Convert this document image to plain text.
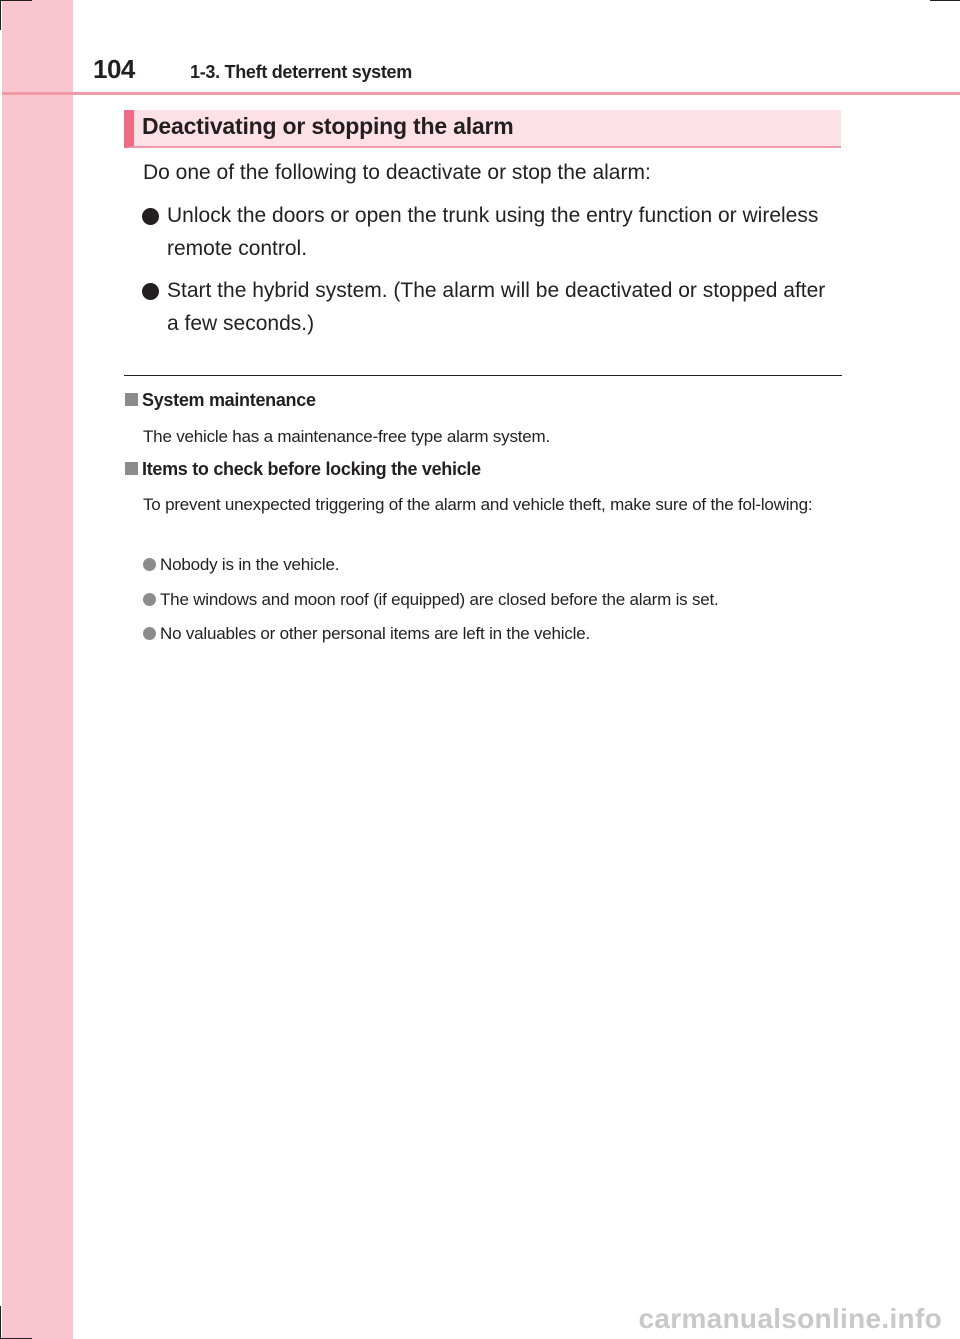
104	1-3. Theft deterrent system
Deactivating or stopping the alarm
Do one of the following to deactivate or stop the alarm:
Unlock the doors or open the trunk using the entry function or wireless remote control.
Start the hybrid system. (The alarm will be deactivated or stopped after a few seconds.)
System maintenance
The vehicle has a maintenance-free type alarm system.
Items to check before locking the vehicle
To prevent unexpected triggering of the alarm and vehicle theft, make sure of the fol-lowing:
Nobody is in the vehicle.
The windows and moon roof (if equipped) are closed before the alarm is set.
No valuables or other personal items are left in the vehicle.
carmanualsonline.info
